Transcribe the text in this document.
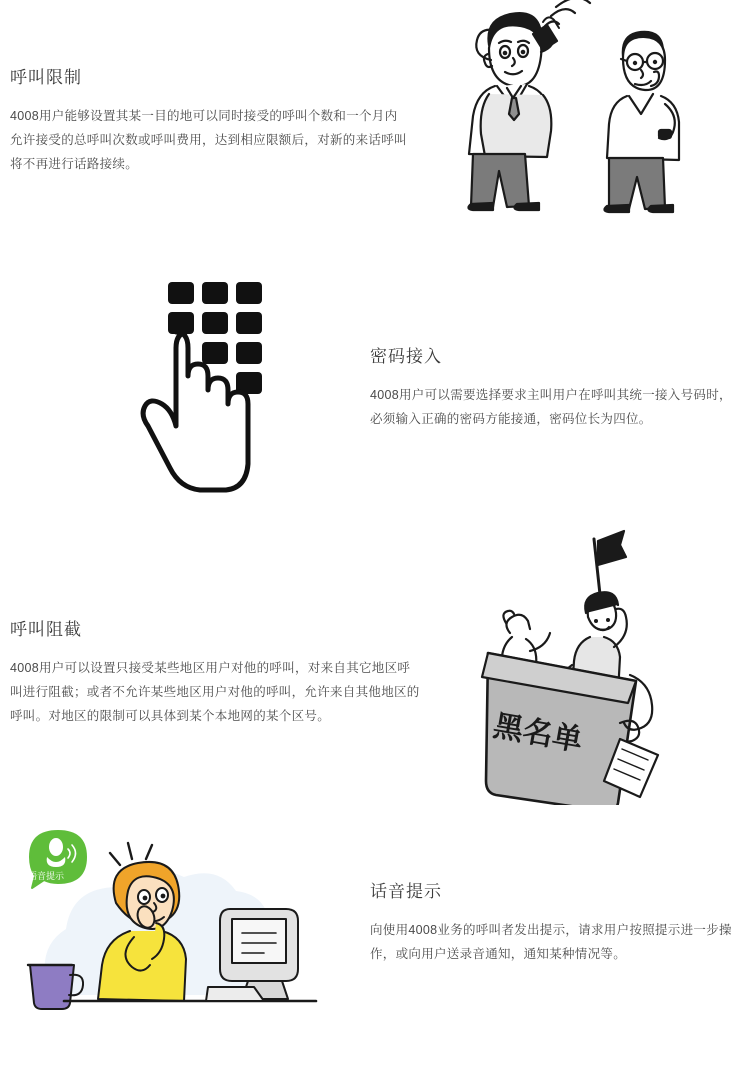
呼叫限制

4008用户能够设置其某一目的地可以同时接受的呼叫个数和一个月内允许接受的总呼叫次数或呼叫费用，达到相应限额后，对新的来话呼叫将不再进行话路接续。

密码接入

4008用户可以需要选择要求主叫用户在呼叫其统一接入号码时，必须输入正确的密码方能接通，密码位长为四位。

呼叫阻截

4008用户可以设置只接受某些地区用户对他的呼叫，对来自其它地区呼叫进行阻截；或者不允许某些地区用户对他的呼叫，允许来自其他地区的呼叫。对地区的限制可以具体到某个本地网的某个区号。	黑名单
话音提示

向使用4008业务的呼叫者发出提示，请求用户按照提示进一步操作，或向用户送录音通知，通知某种情况等。

语音提示
